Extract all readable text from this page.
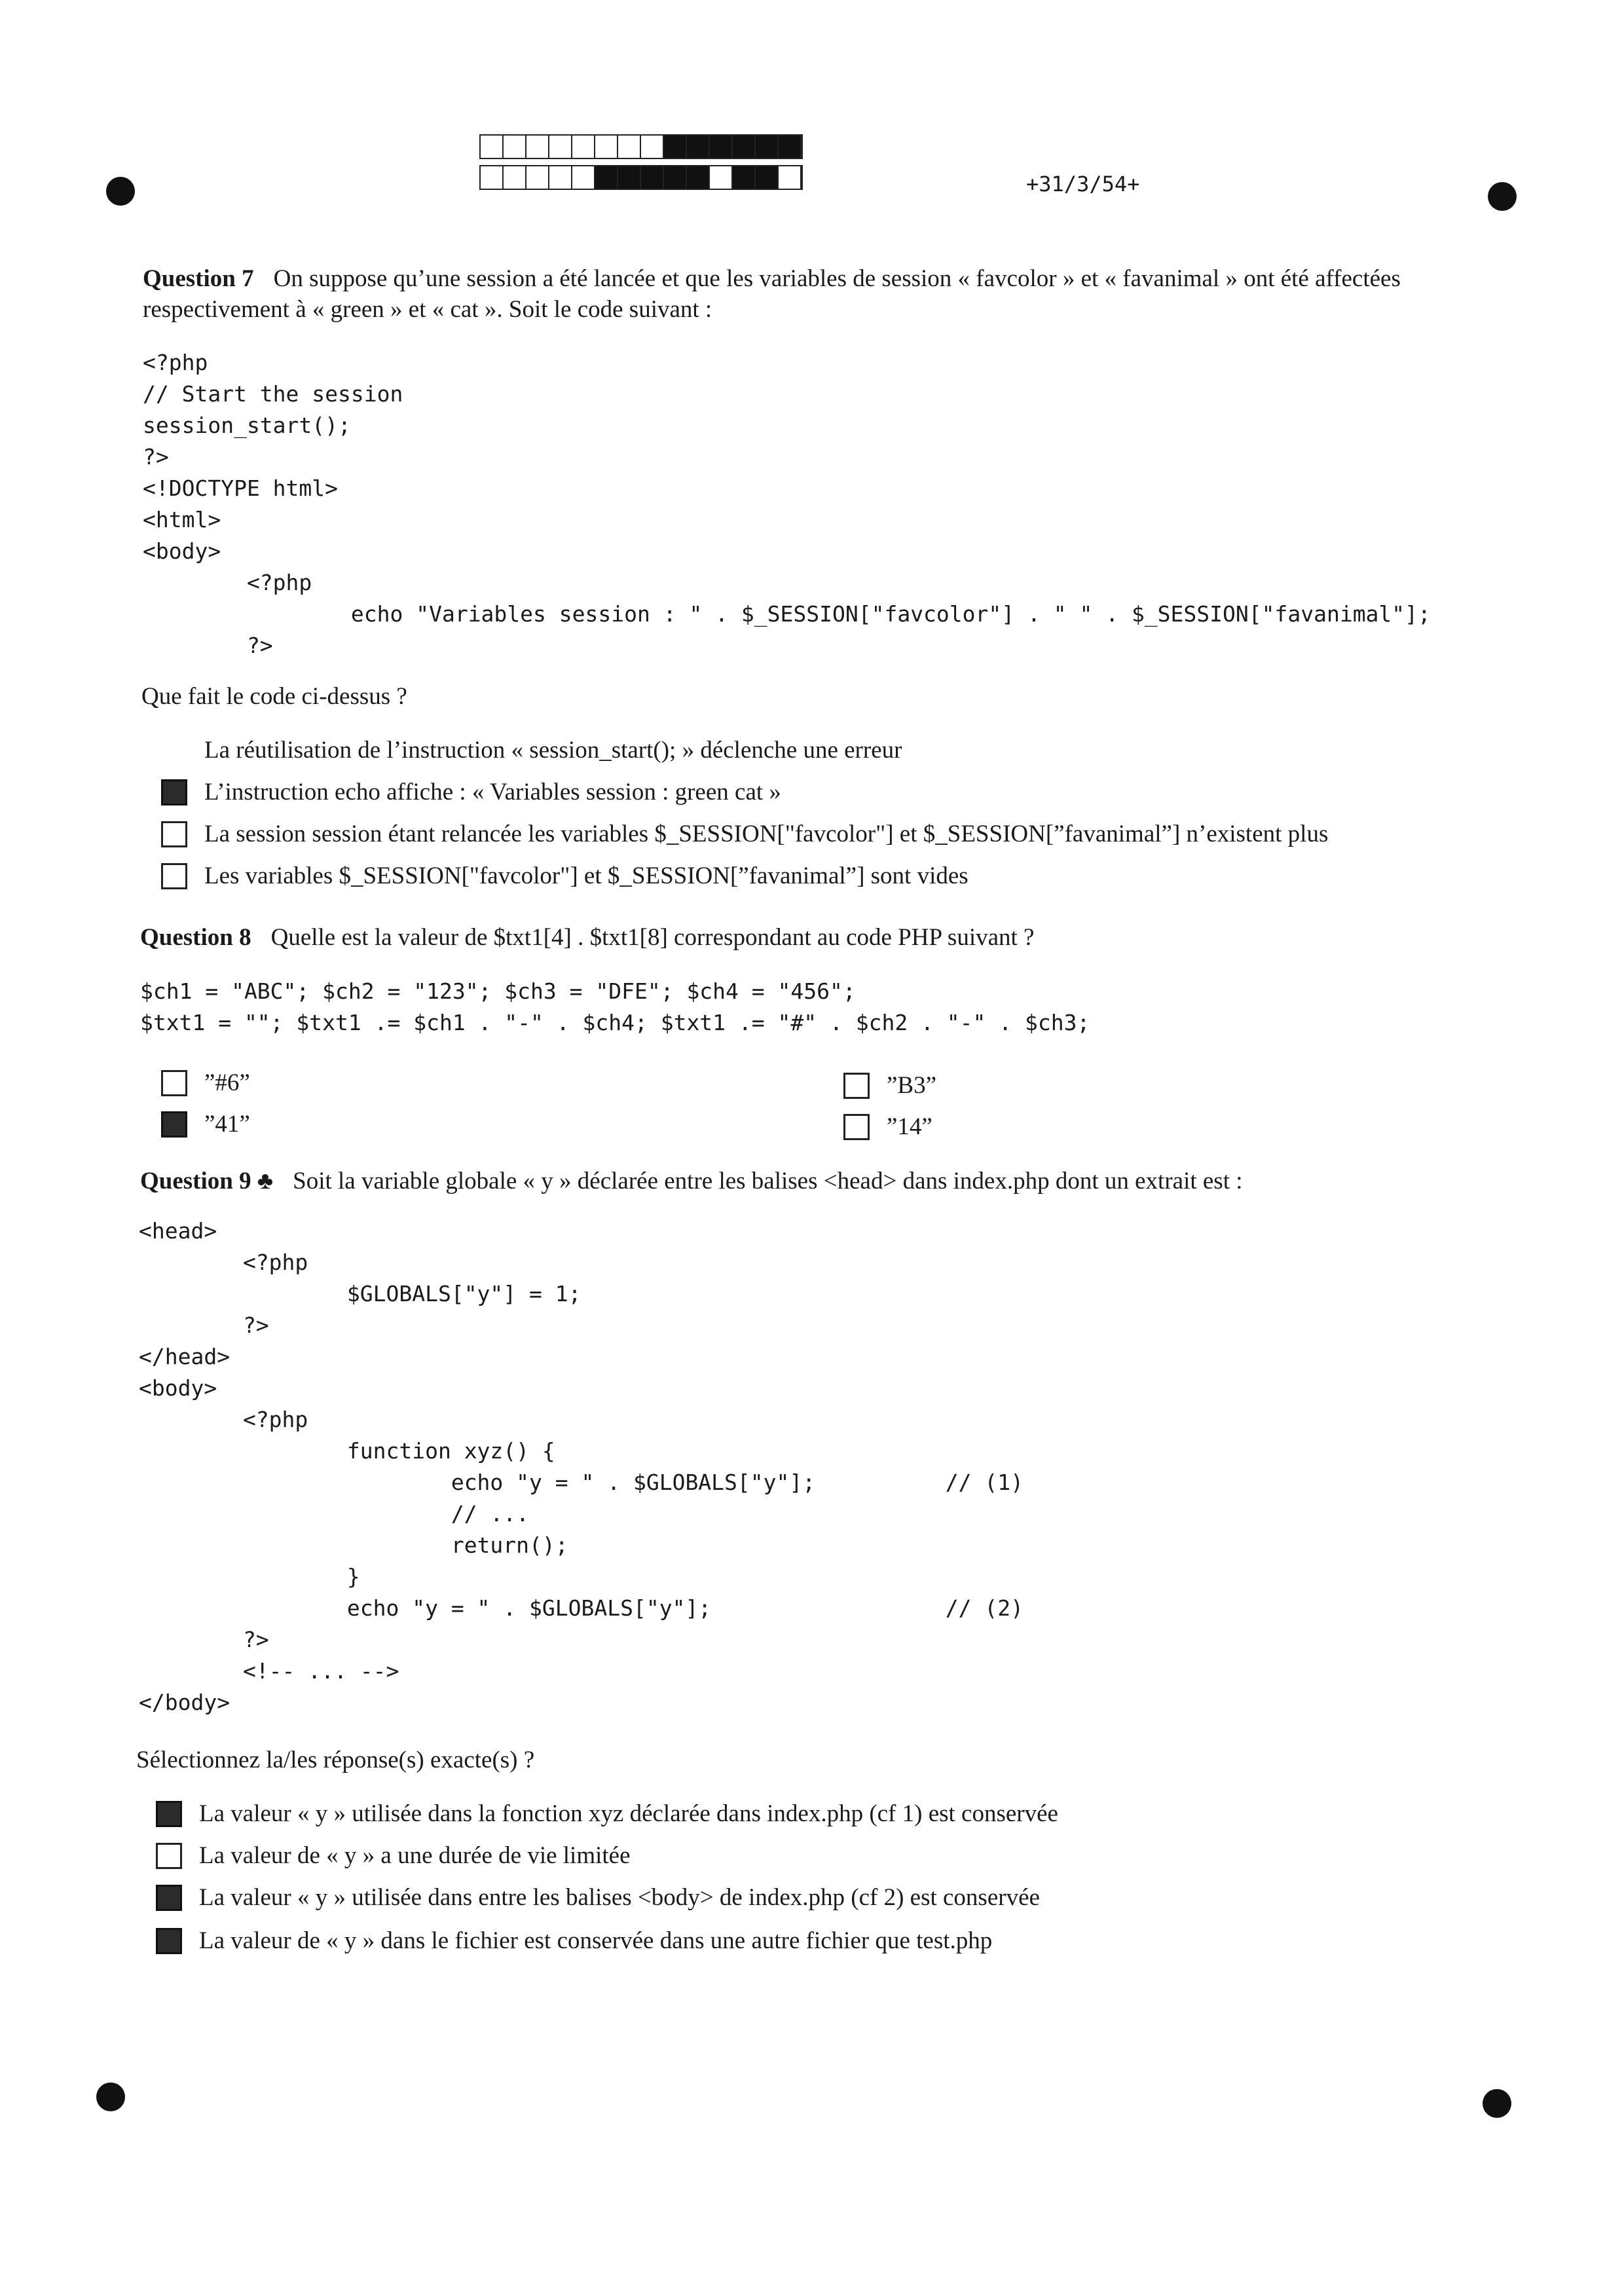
+31/3/54+
Question 7 On suppose qu’une session a été lancée et que les variables de session « favcolor » et « favanimal » ont été affectées respectivement à « green » et « cat ». Soit le code suivant :
<?php
// Start the session
session_start();
?>
<!DOCTYPE html>
<html>
<body>
<?php
echo "Variables session : " . $_SESSION["favcolor"] . " " . $_SESSION["favanimal"];
?>
Que fait le code ci-dessus ?
La réutilisation de l’instruction « session_start(); » déclenche une erreur
L’instruction echo affiche : « Variables session : green cat »
La session session étant relancée les variables $_SESSION["favcolor"] et $_SESSION[”favanimal”] n’existent plus
Les variables $_SESSION["favcolor"] et $_SESSION[”favanimal”] sont vides
Question 8 Quelle est la valeur de $txt1[4] . $txt1[8] correspondant au code PHP suivant ?
$ch1 = "ABC"; $ch2 = "123"; $ch3 = "DFE"; $ch4 = "456";
$txt1 = ""; $txt1 .= $ch1 . "-" . $ch4; $txt1 .= "#" . $ch2 . "-" . $ch3;
”#6”	”B3”
”41”	”14”
Question 9 ♣ Soit la variable globale « y » déclarée entre les balises <head> dans index.php dont un extrait est :
<head>
<?php
$GLOBALS["y"] = 1;
?>
</head>
<body>
<?php
function xyz() {
echo "y = " . $GLOBALS["y"];          // (1)
// ...
return();
}
echo "y = " . $GLOBALS["y"];                  // (2)
?>
<!-- ... -->
</body>
Sélectionnez la/les réponse(s) exacte(s) ?
La valeur « y » utilisée dans la fonction xyz déclarée dans index.php (cf 1) est conservée
La valeur de « y » a une durée de vie limitée
La valeur « y » utilisée dans entre les balises <body> de index.php (cf 2) est conservée
La valeur de « y » dans le fichier est conservée dans une autre fichier que test.php
